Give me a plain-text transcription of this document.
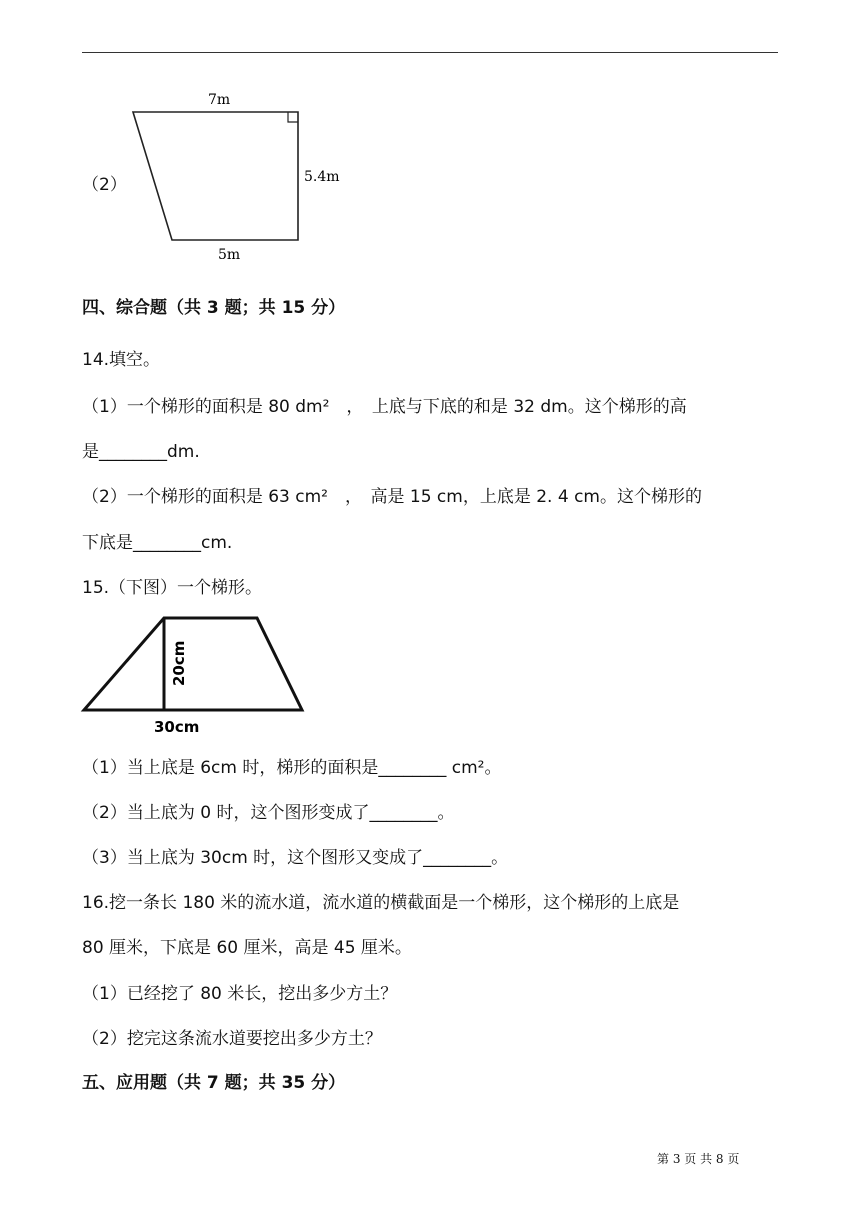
（2）
7m
5.4m
5m
四、综合题（共 3 题；共 15 分）
14.填空。
（1）一个梯形的面积是 80 dm²　，　上底与下底的和是 32 dm。这个梯形的高
是________dm.
（2）一个梯形的面积是 63 cm²　，　高是 15 cm，上底是 2. 4 cm。这个梯形的
下底是________cm.
15.（下图）一个梯形。
20cm
30cm
（1）当上底是 6cm 时，梯形的面积是________ cm²。
（2）当上底为 0 时，这个图形变成了________。
（3）当上底为 30cm 时，这个图形又变成了________。
16.挖一条长 180 米的流水道，流水道的横截面是一个梯形，这个梯形的上底是
80 厘米，下底是 60 厘米，高是 45 厘米。
（1）已经挖了 80 米长，挖出多少方土？
（2）挖完这条流水道要挖出多少方土？
五、应用题（共 7 题；共 35 分）
第 3 页 共 8 页
